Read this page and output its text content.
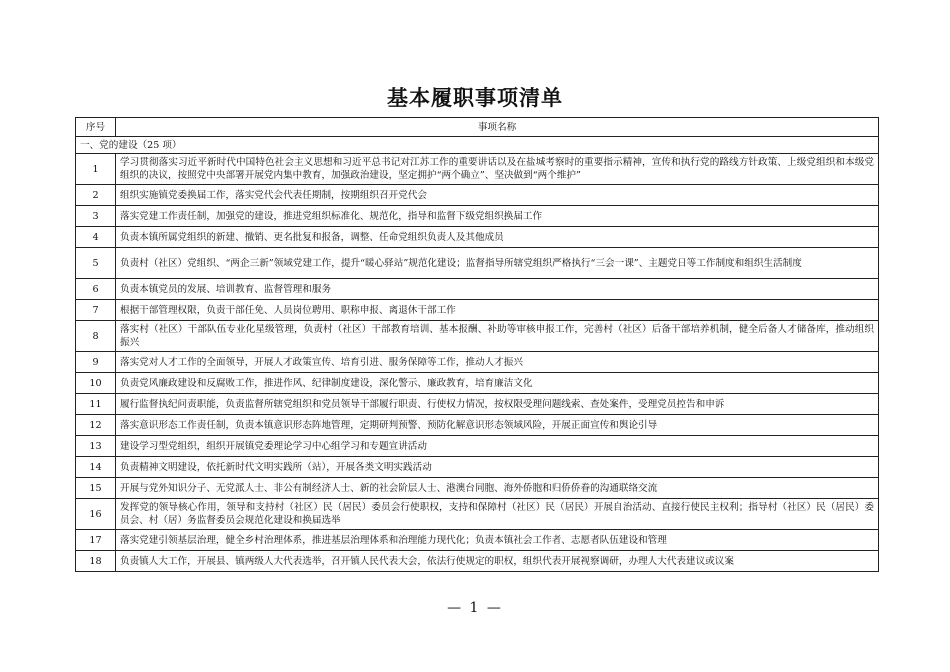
基本履职事项清单
序号	事项名称
一、党的建设（25 项）	
1	学习贯彻落实习近平新时代中国特色社会主义思想和习近平总书记对江苏工作的重要讲话以及在盐城考察时的重要指示精神，宣传和执行党的路线方针政策、上级党组织和本级党组织的决议，按照党中央部署开展党内集中教育，加强政治建设，坚定拥护“两个确立”、坚决做到“两个维护”
2	组织实施镇党委换届工作，落实党代会代表任期制，按期组织召开党代会
3	落实党建工作责任制，加强党的建设，推进党组织标准化、规范化，指导和监督下级党组织换届工作
4	负责本镇所属党组织的新建、撤销、更名批复和报备，调整、任命党组织负责人及其他成员
5	负责村（社区）党组织、“两企三新”领域党建工作，提升“暖心驿站”规范化建设；监督指导所辖党组织严格执行“三会一课”、主题党日等工作制度和组织生活制度
6	负责本镇党员的发展、培训教育、监督管理和服务
7	根据干部管理权限，负责干部任免、人员岗位聘用、职称申报、离退休干部工作
8	落实村（社区）干部队伍专业化星级管理，负责村（社区）干部教育培训、基本报酬、补助等审核申报工作，完善村（社区）后备干部培养机制，健全后备人才储备库，推动组织振兴
9	落实党对人才工作的全面领导，开展人才政策宣传、培育引进、服务保障等工作，推动人才振兴
10	负责党风廉政建设和反腐败工作，推进作风、纪律制度建设，深化警示、廉政教育，培育廉洁文化
11	履行监督执纪问责职能，负责监督所辖党组织和党员领导干部履行职责、行使权力情况，按权限受理问题线索、查处案件，受理党员控告和申诉
12	落实意识形态工作责任制，负责本镇意识形态阵地管理，定期研判预警、预防化解意识形态领域风险，开展正面宣传和舆论引导
13	建设学习型党组织，组织开展镇党委理论学习中心组学习和专题宣讲活动
14	负责精神文明建设，依托新时代文明实践所（站），开展各类文明实践活动
15	开展与党外知识分子、无党派人士、非公有制经济人士、新的社会阶层人士、港澳台同胞、海外侨胞和归侨侨眷的沟通联络交流
16	发挥党的领导核心作用，领导和支持村（社区）民（居民）委员会行使职权，支持和保障村（社区）民（居民）开展自治活动、直接行使民主权利；指导村（社区）民（居民）委员会、村（居）务监督委员会规范化建设和换届选举
17	落实党建引领基层治理，健全乡村治理体系，推进基层治理体系和治理能力现代化；负责本镇社会工作者、志愿者队伍建设和管理
18	负责镇人大工作，开展县、镇两级人大代表选举，召开镇人民代表大会，依法行使规定的职权，组织代表开展视察调研，办理人大代表建议或议案
— 1 —
